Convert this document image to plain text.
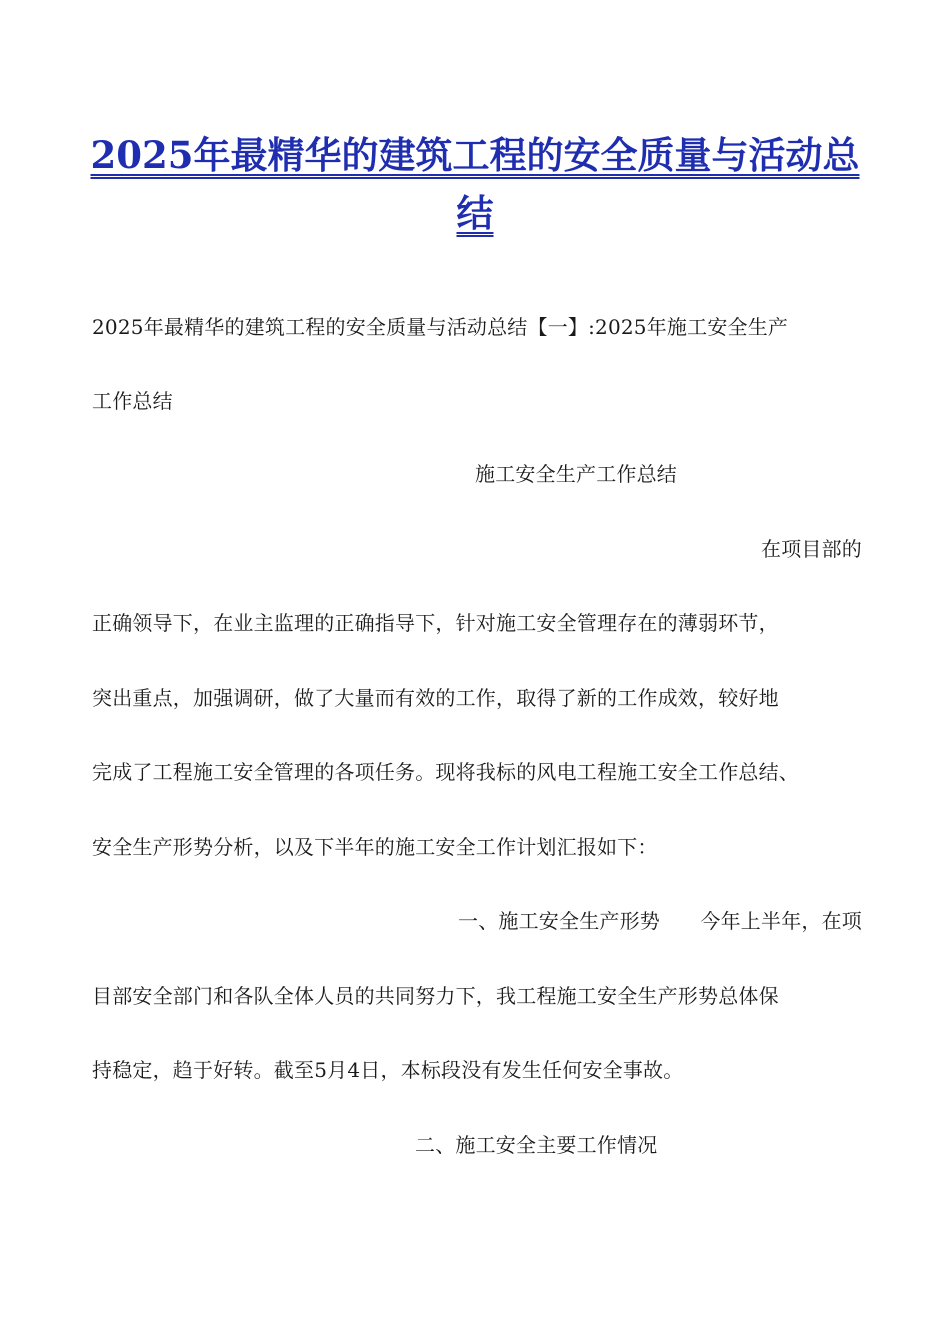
2025年最精华的建筑工程的安全质量与活动总结
2025年最精华的建筑工程的安全质量与活动总结【一】:2025年施工安全生产
工作总结
施工安全生产工作总结
在项目部的
正确领导下，在业主监理的正确指导下，针对施工安全管理存在的薄弱环节，
突出重点，加强调研，做了大量而有效的工作，取得了新的工作成效，较好地
完成了工程施工安全管理的各项任务。现将我标的风电工程施工安全工作总结、
安全生产形势分析，以及下半年的施工安全工作计划汇报如下：
一、施工安全生产形势　　今年上半年，在项
目部安全部门和各队全体人员的共同努力下，我工程施工安全生产形势总体保
持稳定，趋于好转。截至5月4日，本标段没有发生任何安全事故。
二、施工安全主要工作情况
